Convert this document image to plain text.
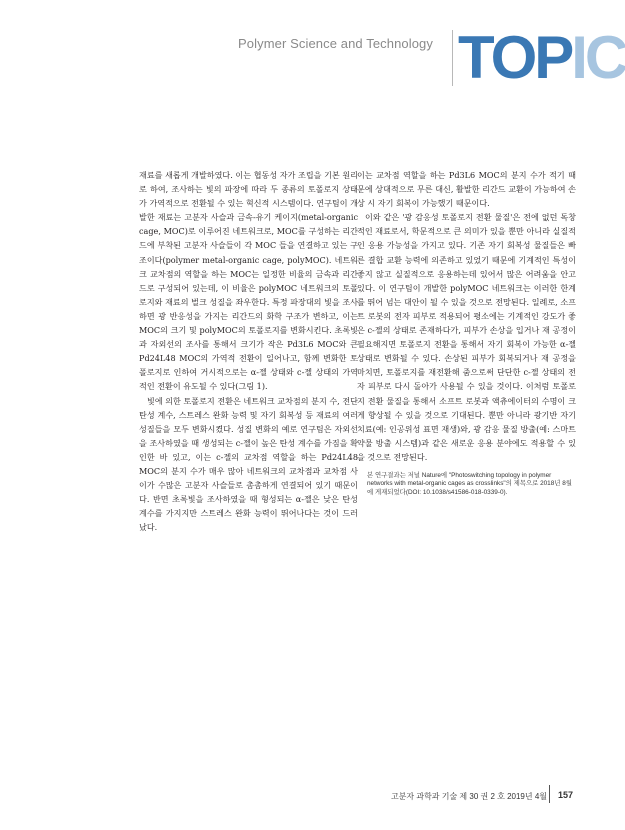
Polymer Science and Technology TOPIC

재료를 새롭게 개발하였다. 이는 협동성 자가 조립을 기본 원리로 하여, 조사하는 빛의 파장에 따라 두 종류의 토폴로지 상태가 가역적으로 전환될 수 있는 혁신적 시스템이다. 연구팀이 개발한 재료는 고분자 사슬과 금속-유기 케이지(metal-organic cage, MOC)로 이루어진 네트워크로, MOC를 구성하는 리간드에 부착된 고분자 사슬들이 각 MOC 들을 연결하고 있는 구조이다(polymer metal-organic cage, polyMOC). 네트워크 교차점의 역할을 하는 MOC는 일정한 비율의 금속과 리간드로 구성되어 있는데, 이 비율은 polyMOC 네트워크의 토폴로지와 재료의 벌크 성질을 좌우한다. 특정 파장대의 빛을 조사하면 광 반응성을 가지는 리간드의 화학 구조가 변하고, 이는 MOC의 크기 및 polyMOC의 토폴로지를 변화시킨다. 초록빛과 자외선의 조사를 통해서 크기가 작은 Pd3L6 MOC와 큰 Pd24L48 MOC의 가역적 전환이 일어나고, 함께 변화한 토폴로지로 인하여 거시적으로는 α-젤 상태와 c-젤 상태의 가역적인 전환이 유도될 수 있다(그림 1).

빛에 의한 토폴로지 전환은 네트워크 교차점의 분지 수, 전단 탄성 계수, 스트레스 완화 능력 및 자기 회복성 등 재료의 여러 성질들을 모두 변화시켰다. 성질 변화의 예로 연구팀은 자외선을 조사하였을 때 생성되는 c-젤이 높은 탄성 계수를 가짐을 확인한 바 있고, 이는 c-젤의 교차점 역할을 하는 Pd24L48 MOC의 분지 수가 매우 많아 네트워크의 교차점과 교차점 사이가 수많은 고분자 사슬들로 촘촘하게 연결되어 있기 때문이다. 반면 초록빛을 조사하였을 때 형성되는 α-젤은 낮은 탄성 계수를 가지지만 스트레스 완화 능력이 뛰어나다는 것이 드러났다.

이는 교차점 역할을 하는 Pd3L6 MOC의 분지 수가 적기 때문에 상대적으로 무른 대신, 활발한 리간드 교환이 가능하여 손상 시 자기 회복이 가능했기 때문이다.

이와 같은 '광 감응성 토폴로지 전환 물질'은 전에 없던 독창적인 재료로서, 학문적으로 큰 의미가 있을 뿐만 아니라 실질적인 응용 가능성을 가지고 있다. 기존 자기 회복성 물질들은 빠른 결합 교환 능력에 의존하고 있었기 때문에 기계적인 특성이 좋지 않고 실질적으로 응용하는데 있어서 많은 어려움을 안고 있다. 이 연구팀이 개발한 polyMOC 네트워크는 이러한 한계를 뛰어 넘는 대안이 될 수 있을 것으로 전망된다. 일례로, 소프트 로봇의 전자 피부로 적용되어 평소에는 기계적인 강도가 좋은 c-젤의 상태로 존재하다가, 피부가 손상을 입거나 재 공정이 필요해지면 토폴로지 전환을 통해서 자기 회복이 가능한 α-젤 상태로 변화될 수 있다. 손상된 피부가 회복되거나 재 공정을 마치면, 토폴로지를 재전환해 줌으로써 단단한 c-젤 상태의 전자 피부로 다시 돌아가 사용될 수 있을 것이다. 이처럼 토폴로지 전환 물질을 통해서 소프트 로봇과 액츄에이터의 수명이 크게 향상될 수 있을 것으로 기대된다. 뿐만 아니라 광기반 자기 치료(예: 인공위성 표면 재생)와, 광 감응 물질 방출(예: 스마트 약물 방출 시스템)과 같은 새로운 응용 분야에도 적용할 수 있을 것으로 전망된다.

본 연구결과는 저널 Nature에 "Photoswitching topology in polymer networks with metal-organic cages as crosslinks"의 제목으로 2018년 8월에 게재되었다(DOI: 10.1038/s41586-018-0339-0).
고분자 과학과 기술 제 30 권 2 호 2019년 4월 157
